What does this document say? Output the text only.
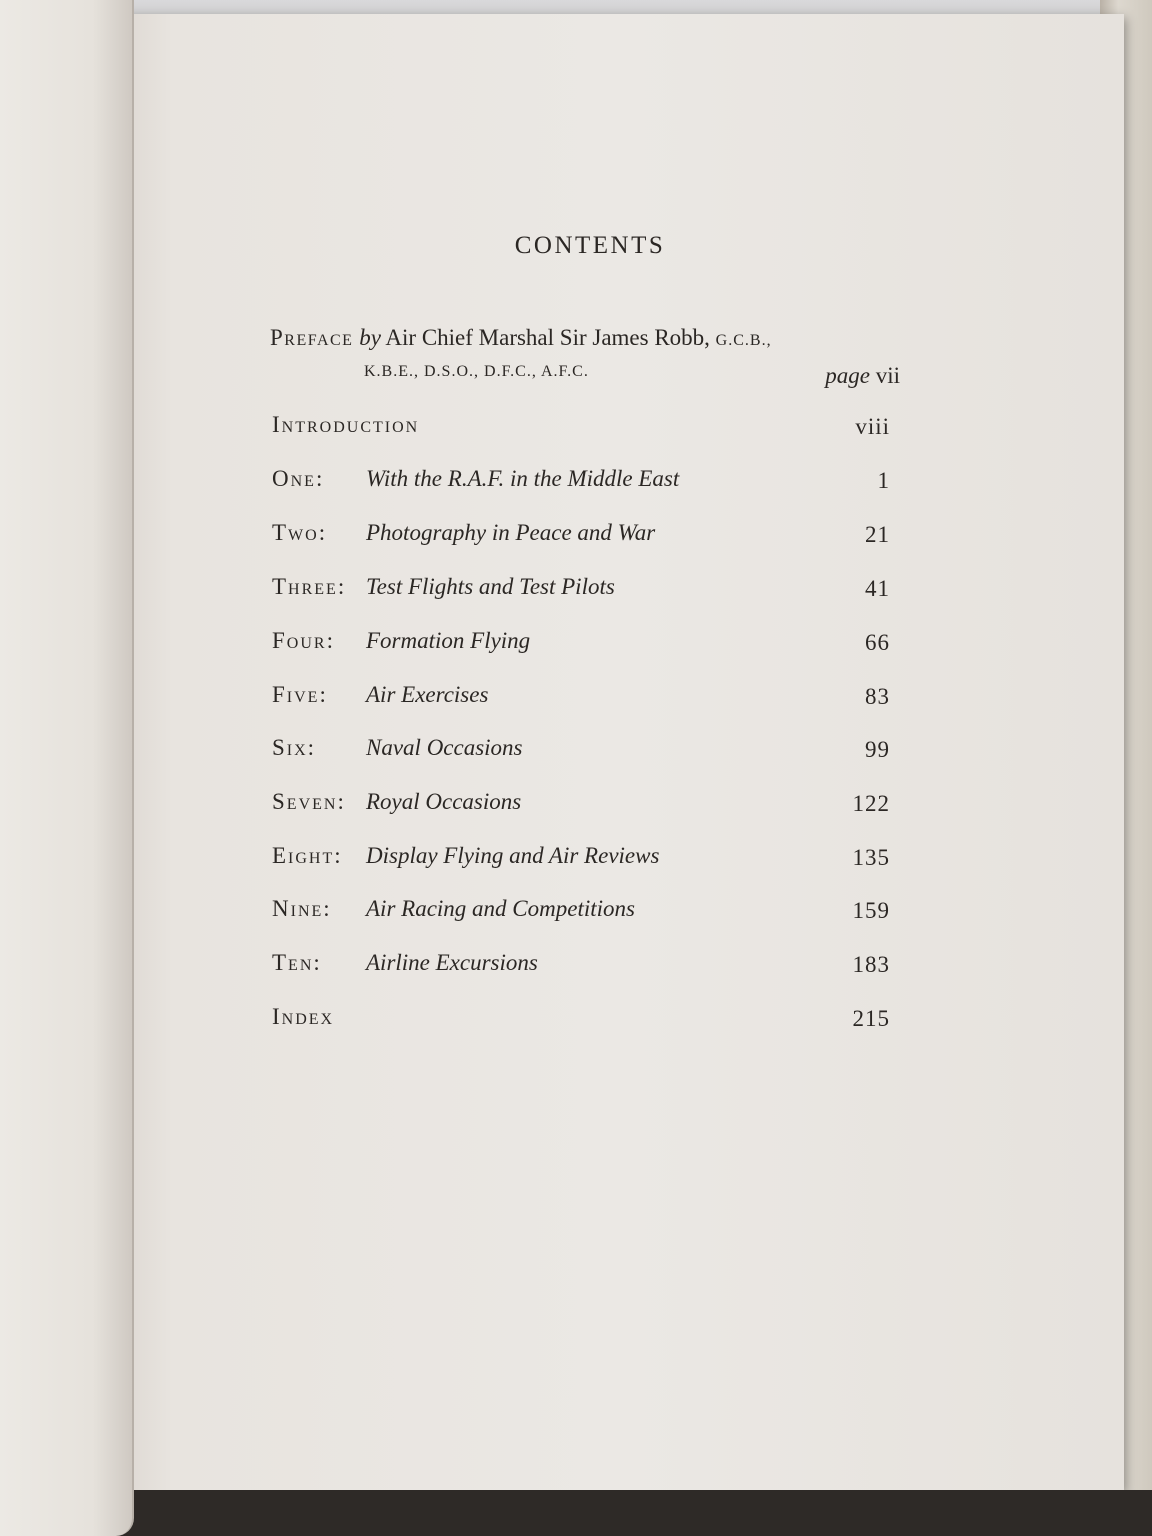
CONTENTS
Preface by Air Chief Marshal Sir James Robb, G.C.B.,
K.B.E., D.S.O., D.F.C., A.F.C.	page vii
Introduction	viii
One: With the R.A.F. in the Middle East	1
Two: Photography in Peace and War	21
Three: Test Flights and Test Pilots	41
Four: Formation Flying	66
Five: Air Exercises	83
Six: Naval Occasions	99
Seven: Royal Occasions	122
Eight: Display Flying and Air Reviews	135
Nine: Air Racing and Competitions	159
Ten: Airline Excursions	183
Index	215
